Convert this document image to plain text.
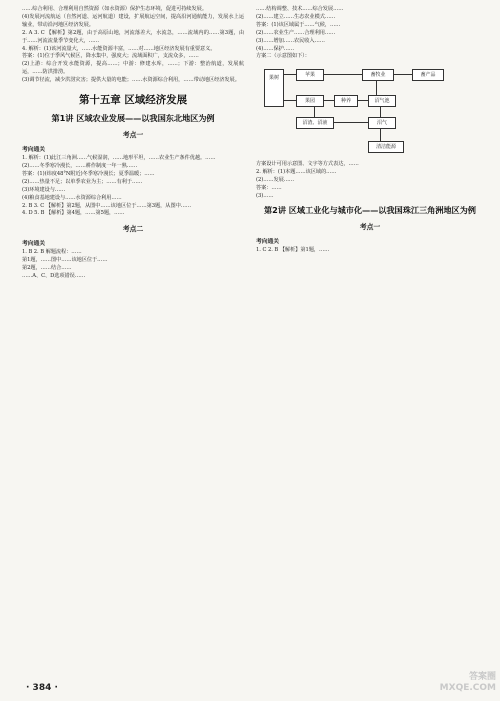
……综合利用、合理利用自然资源（如水资源）保护生态环境，促进可持续发展。

(4)发展河流航运（自然河道、运河航道）建设，扩展航运空间，提高沿河通航能力，发展水上运输业，带动沿河地区经济发展。

2. A 3. C 【解析】第2题，由于高原山地，河流落差大，水流急，……流域内的……第3题，由于……河流流量季节变化大，……

4. 解析：(1)该河流量大，……水能资源丰富，……对……地区经济发展有重要意义。

答案：(1)位于季风气候区，降水集中，强度大；流域面积广，支流众多，……

(2)上游：综合开发水能资源，提高……；中游：修建水库，……；下游：整治航道，发展航运，……防洪排涝。

(3)调节径流，减少洪涝灾害；提供大量的电能；……水资源综合利用，……带动地区经济发展。

第十五章 区域经济发展
第1讲 区域农业发展——以我国东北地区为例
考点一
考向通关

1. 解析：(1)此江三角洲……气候湿润，……地形平坦，……农业生产条件优越。……

(2)……冬季寒冷漫长，……耕作制度一年一熟……

答案：(1)(纬度48°N附近)冬季寒冷漫长；夏季温暖；……

(2)……热量不足；以单季农业为主；……有利于……

(3)环境建设与……

(4)粮食基地建设与……水资源综合利用……

2. B 3. C 【解析】第2题，从图中……该地区位于……第3题，从图中……

4. D 5. B 【解析】第4题，……第5题，……

考点二
考向通关

1. B 2. B 解题流程：……

第1题，……图中……该地区位于……

第2题，……结合……

……A、C、D选项错误……

……结构调整、技术……综合发展……

(2)……建立……生态农业模式……

答案：(1)该区域属于……气候，……

(2)……农业生产……合理利用……

(3)……增加……农民收入……

(4)……保护……

方案二（示意图如下）：

果树	苹果	畜牧业	畜产品
果园	种养	沼气池
沼渣、沼液	沼气
清洁能源

方案设计可用示意图、文字等方式表达，……

2. 解析：(1)本题……该区域的……

(2)……发展……

答案：……

(3)……

第2讲 区域工业化与城市化——以我国珠江三角洲地区为例
考点一
考向通关

1. C 2. B 【解析】第1题，……

· 384 ·
答案圈
MXQE.COM
